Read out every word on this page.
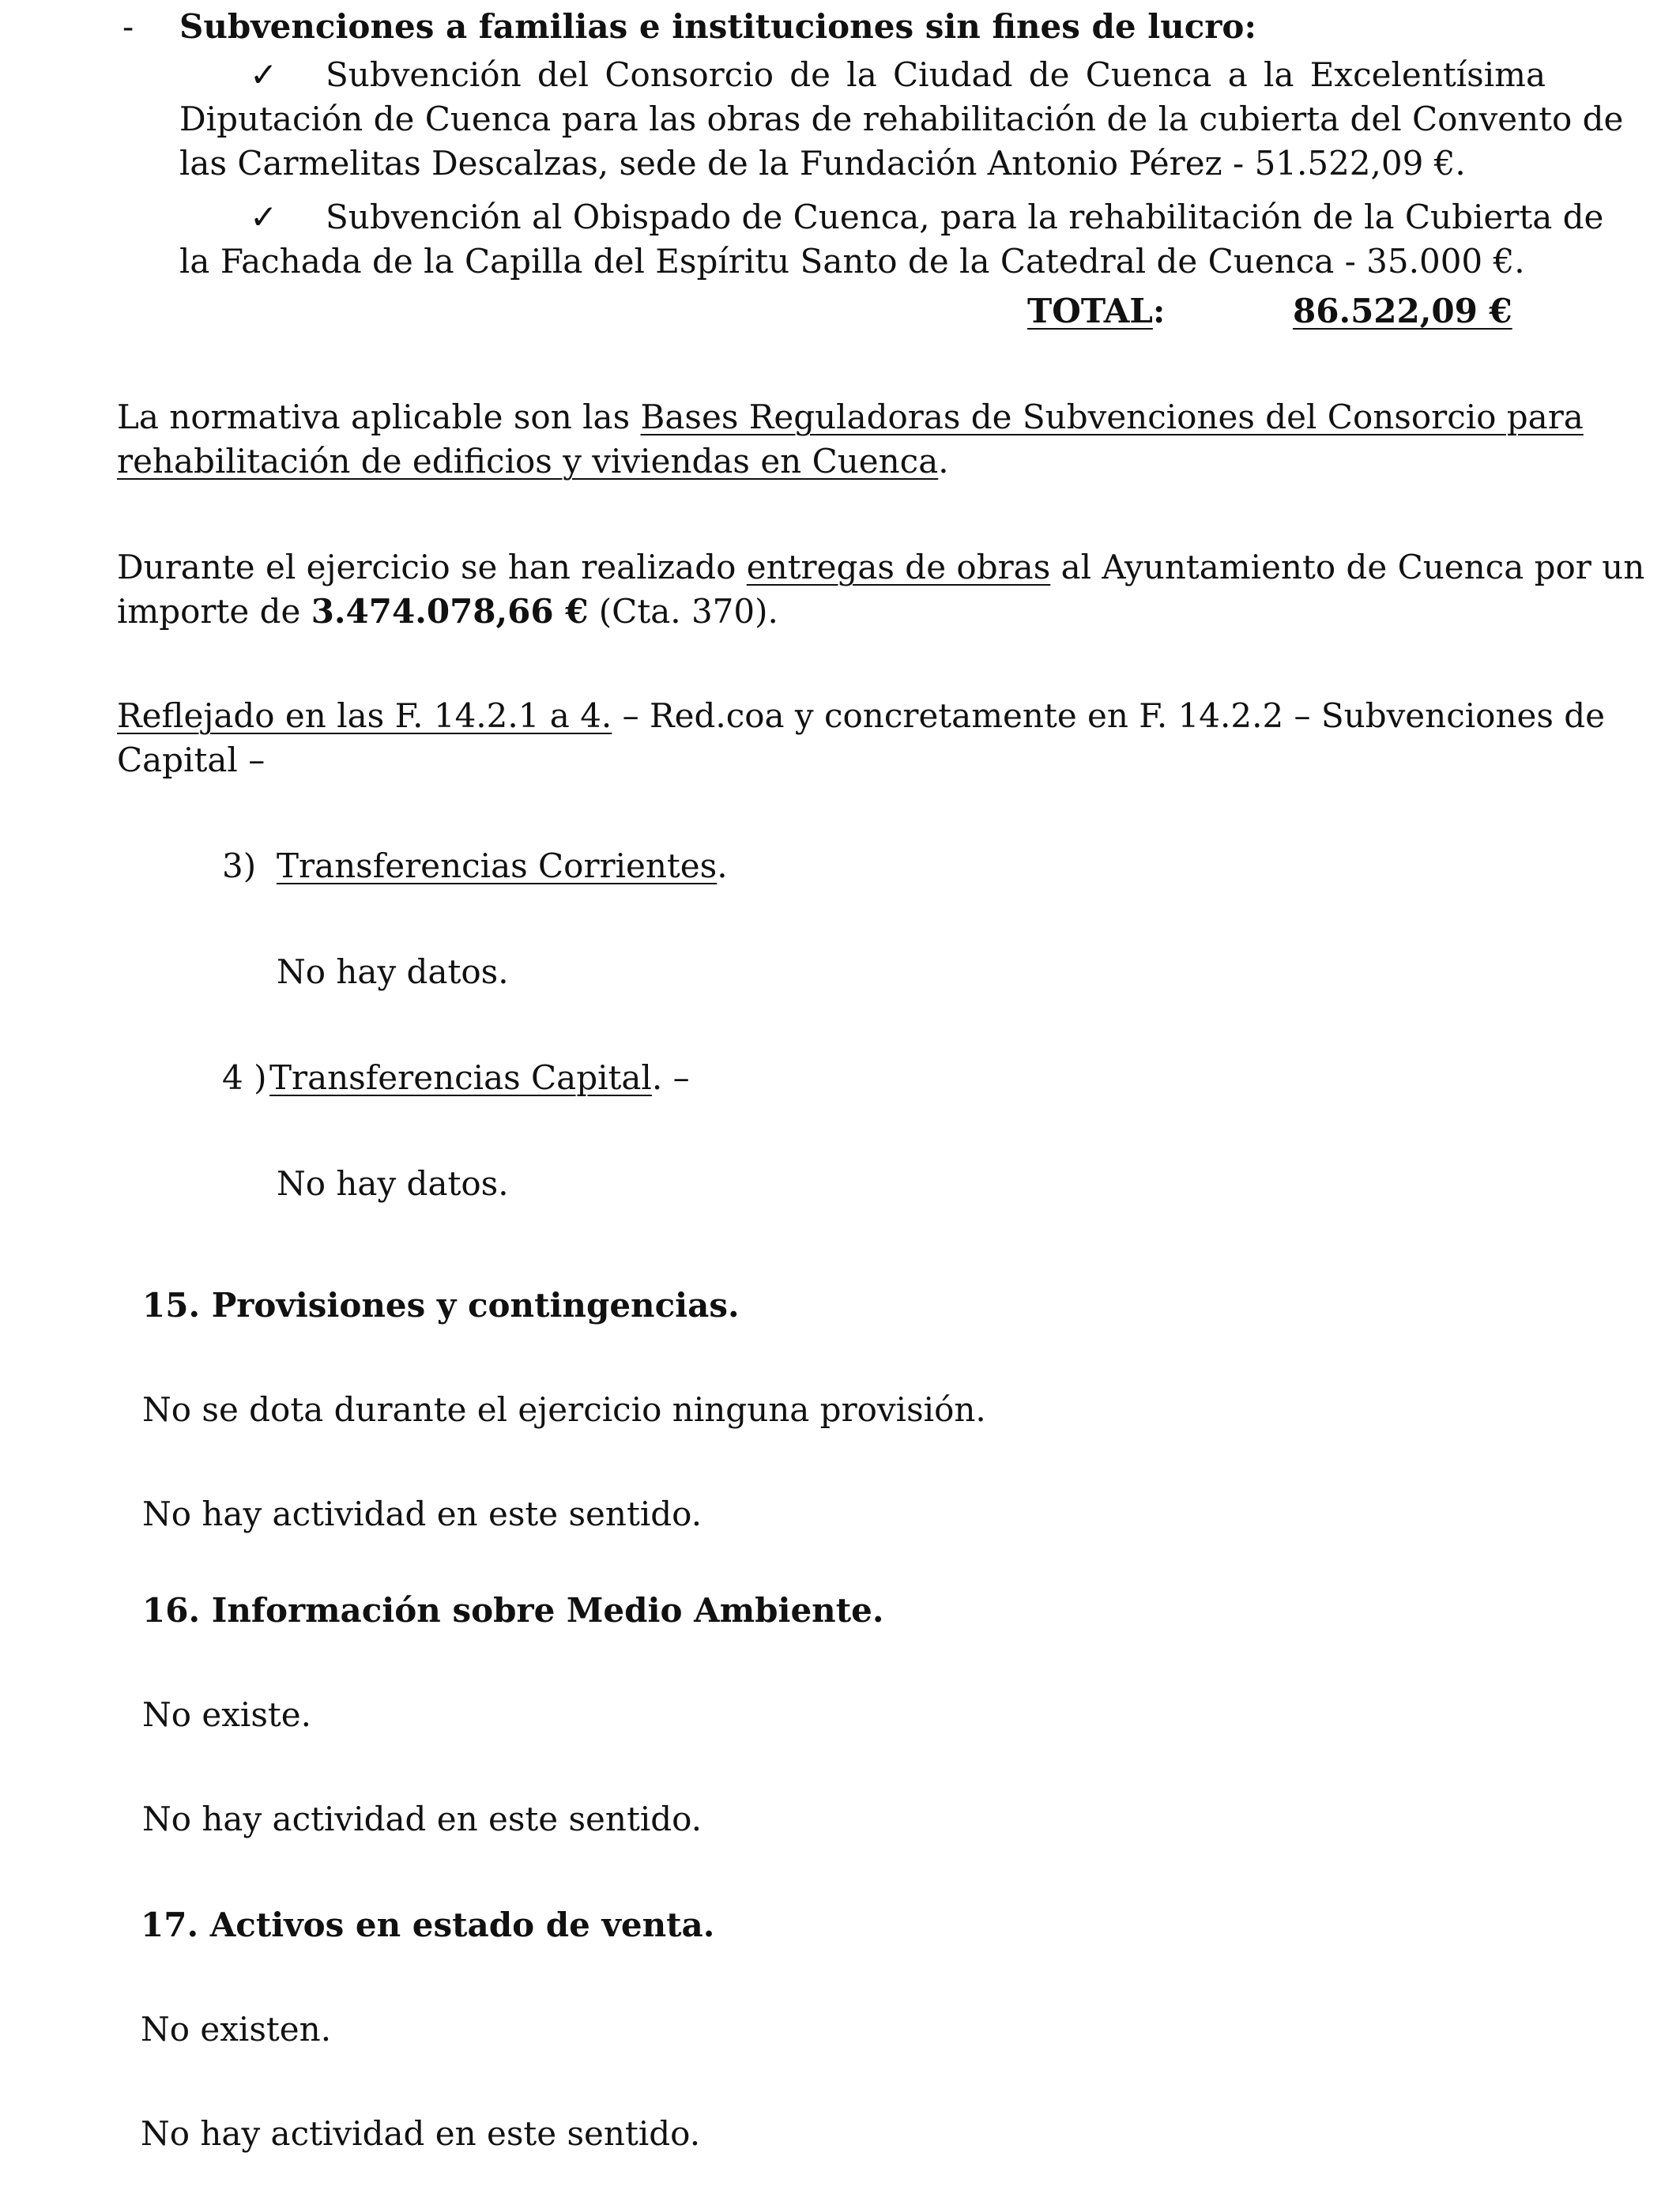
- Subvenciones a familias e instituciones sin fines de lucro:
✓ Subvención del Consorcio de la Ciudad de Cuenca a la Excelentísima
Diputación de Cuenca para las obras de rehabilitación de la cubierta del Convento de
las Carmelitas Descalzas, sede de la Fundación Antonio Pérez - 51.522,09 €.
✓ Subvención al Obispado de Cuenca, para la rehabilitación de la Cubierta de
la Fachada de la Capilla del Espíritu Santo de la Catedral de Cuenca - 35.000 €.
TOTAL:	86.522,09 €
La normativa aplicable son las Bases Reguladoras de Subvenciones del Consorcio para
rehabilitación de edificios y viviendas en Cuenca.
Durante el ejercicio se han realizado entregas de obras al Ayuntamiento de Cuenca por un
importe de 3.474.078,66 € (Cta. 370).
Reflejado en las F. 14.2.1 a 4. – Red.coa y concretamente en F. 14.2.2 – Subvenciones de
Capital –
3) Transferencias Corrientes.
No hay datos.
4 ) Transferencias Capital. –
No hay datos.
15. Provisiones y contingencias.
No se dota durante el ejercicio ninguna provisión.
No hay actividad en este sentido.
16. Información sobre Medio Ambiente.
No existe.
No hay actividad en este sentido.
17. Activos en estado de venta.
No existen.
No hay actividad en este sentido.
